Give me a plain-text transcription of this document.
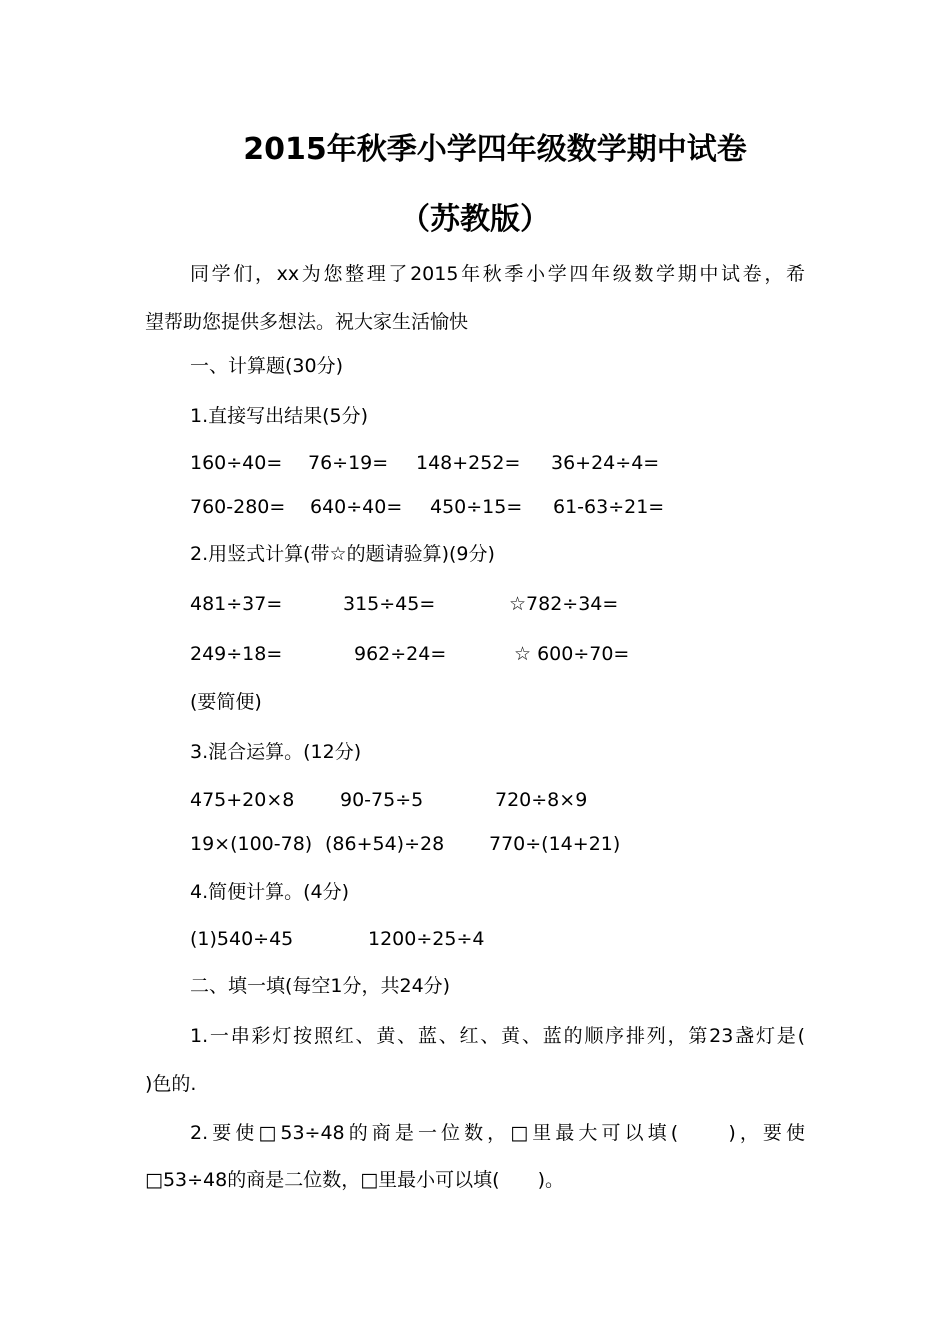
2015年秋季小学四年级数学期中试卷
（苏教版）
同学们，xx为您整理了2015年秋季小学四年级数学期中试卷，希
望帮助您提供多想法。祝大家生活愉快
一、计算题(30分)
1.直接写出结果(5分)
160÷40= 76÷19= 148+252= 36+24÷4=
760-280= 640÷40= 450÷15= 61-63÷21=
2.用竖式计算(带☆的题请验算)(9分)
481÷37=	315÷45=	☆782÷34=
249÷18=	962÷24=	☆ 600÷70=
(要简便)
3.混合运算。(12分)
475+20×8 90-75÷5	720÷8×9
19×(100-78) (86+54)÷28 770÷(14+21)
4.简便计算。(4分)
(1)540÷45	1200÷25÷4
二、填一填(每空1分，共24分)
1.一串彩灯按照红、黄、蓝、红、黄、蓝的顺序排列，第23盏灯是(
)色的.
2.要使□53÷48的商是一位数，□里最大可以填(　　)，要使
□53÷48的商是二位数，□里最小可以填(　　)。
